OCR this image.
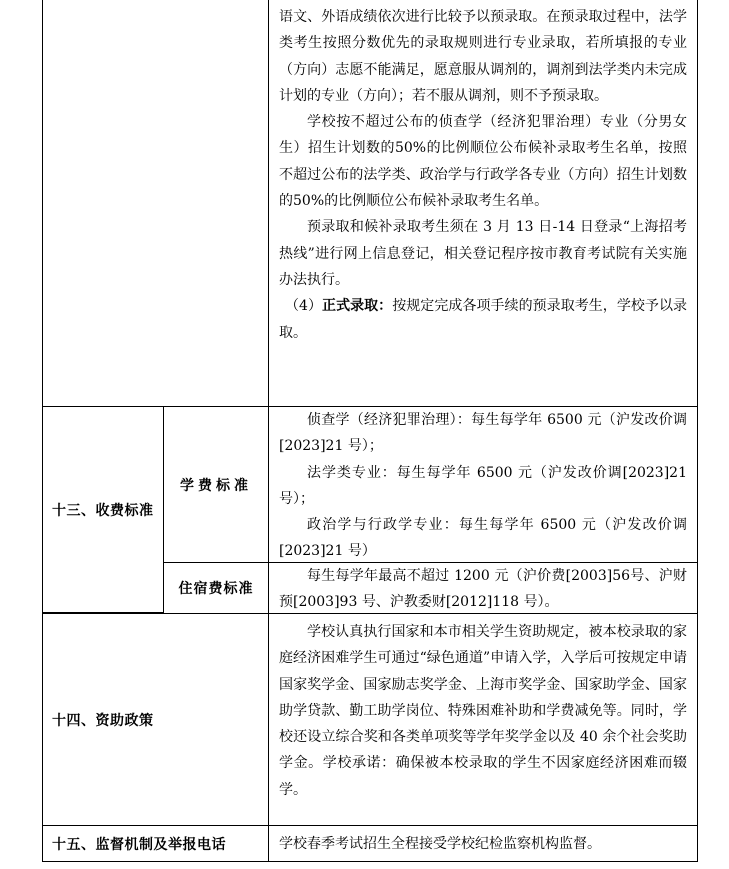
语文、外语成绩依次进行比较予以预录取。在预录取过程中，法学类考生按照分数优先的录取规则进行专业录取，若所填报的专业（方向）志愿不能满足，愿意服从调剂的，调剂到法学类内未完成计划的专业（方向）；若不服从调剂，则不予预录取。

学校按不超过公布的侦查学（经济犯罪治理）专业（分男女生）招生计划数的50%的比例顺位公布候补录取考生名单，按照不超过公布的法学类、政治学与行政学各专业（方向）招生计划数的50%的比例顺位公布候补录取考生名单。

预录取和候补录取考生须在 3 月 13 日-14 日登录“上海招考热线”进行网上信息登记，相关登记程序按市教育考试院有关实施办法执行。

（4）正式录取：按规定完成各项手续的预录取考生，学校予以录取。

十三、收费标准
学费标准

侦查学（经济犯罪治理）：每生每学年 6500 元（沪发改价调[2023]21 号）；

法学类专业：每生每学年 6500 元（沪发改价调[2023]21 号）；

政治学与行政学专业：每生每学年 6500 元（沪发改价调[2023]21 号）

住宿费标准

每生每学年最高不超过 1200 元（沪价费[2003]56号、沪财预[2003]93 号、沪教委财[2012]118 号）。

十四、资助政策

学校认真执行国家和本市相关学生资助规定，被本校录取的家庭经济困难学生可通过“绿色通道”申请入学，入学后可按规定申请国家奖学金、国家励志奖学金、上海市奖学金、国家助学金、国家助学贷款、勤工助学岗位、特殊困难补助和学费减免等。同时，学校还设立综合奖和各类单项奖等学年奖学金以及 40 余个社会奖助学金。学校承诺：确保被本校录取的学生不因家庭经济困难而辍学。

十五、监督机制及举报电话	学校春季考试招生全程接受学校纪检监察机构监督。
